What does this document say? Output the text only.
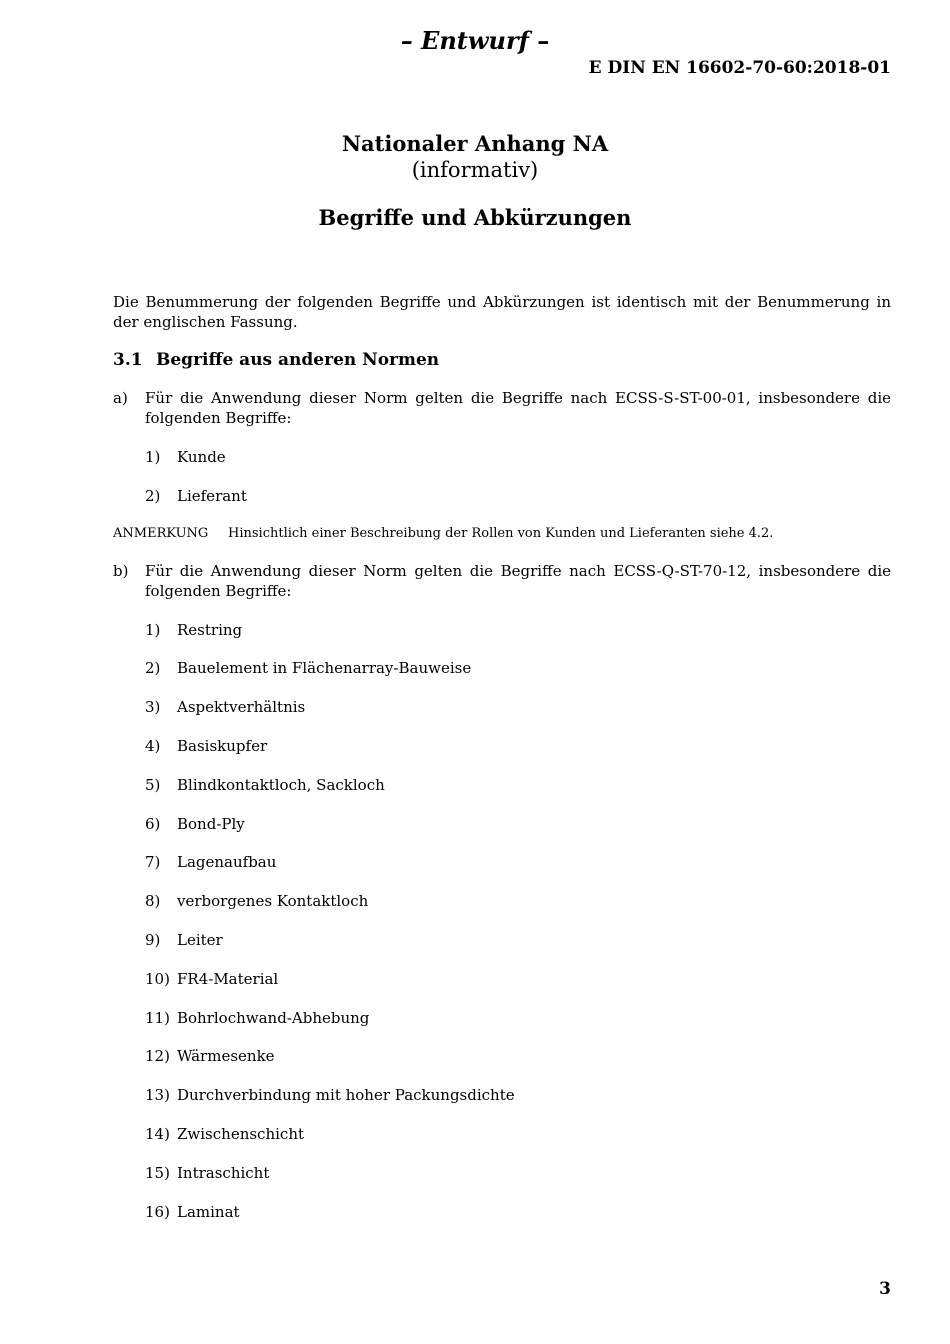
– Entwurf –
E DIN EN 16602-70-60:2018-01
Nationaler Anhang NA
(informativ)
Begriffe und Abkürzungen

Die Benummerung der folgenden Begriffe und Abkürzungen ist identisch mit der Benummerung in der englischen Fassung.

3.1 Begriffe aus anderen Normen
a) Für die Anwendung dieser Norm gelten die Begriffe nach ECSS-S-ST-00-01, insbesondere die folgenden Begriffe:
1) Kunde
2) Lieferant
ANMERKUNG Hinsichtlich einer Beschreibung der Rollen von Kunden und Lieferanten siehe 4.2.
b) Für die Anwendung dieser Norm gelten die Begriffe nach ECSS-Q-ST-70-12, insbesondere die folgenden Begriffe:
1) Restring
2) Bauelement in Flächenarray-Bauweise
3) Aspektverhältnis
4) Basiskupfer
5) Blindkontaktloch, Sackloch
6) Bond-Ply
7) Lagenaufbau
8) verborgenes Kontaktloch
9) Leiter
10) FR4-Material
11) Bohrlochwand-Abhebung
12) Wärmesenke
13) Durchverbindung mit hoher Packungsdichte
14) Zwischenschicht
15) Intraschicht
16) Laminat
3
